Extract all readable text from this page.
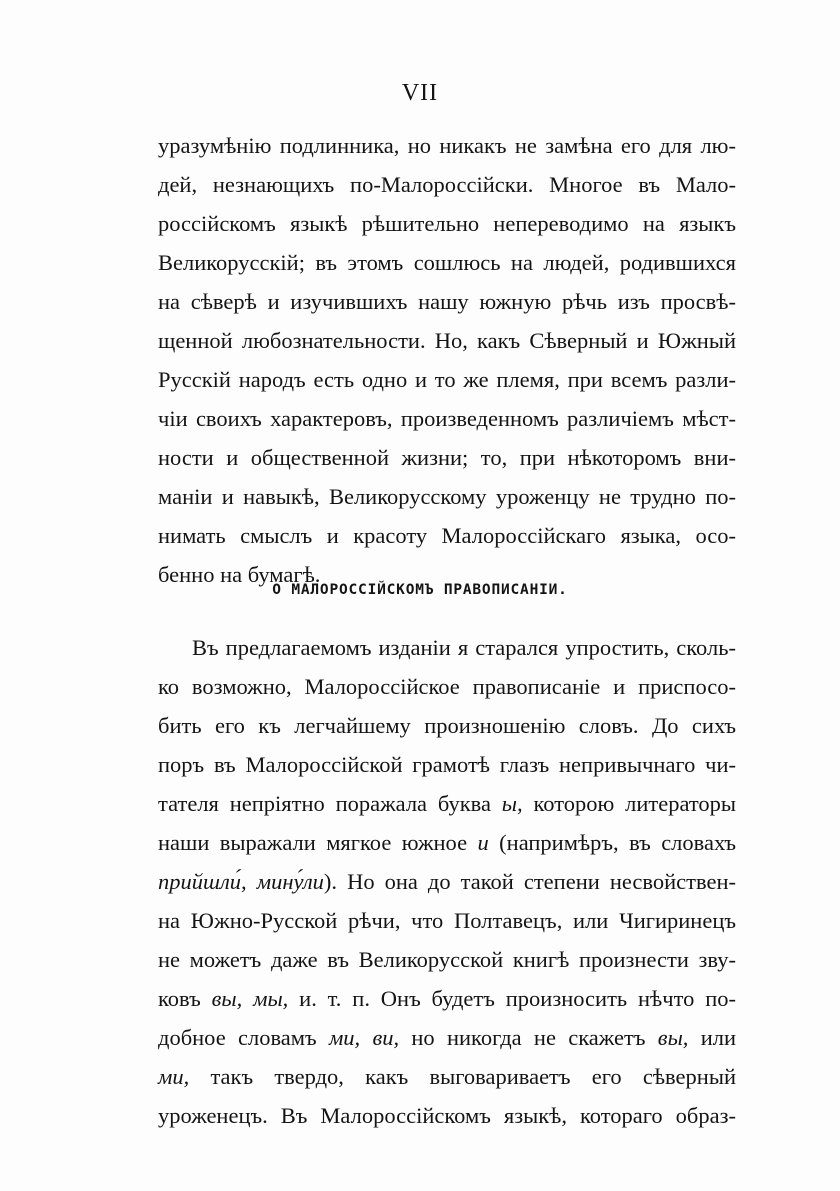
VII
уразумѣнію подлинника, но никакъ не замѣна его для лю-
дей, незнающихъ по-Малороссійски. Многое въ Мало-
россійскомъ языкѣ рѣшительно непереводимо на языкъ
Великорусскій; въ этомъ сошлюсь на людей, родившихся
на сѣверѣ и изучившихъ нашу южную рѣчь изъ просвѣ-
щенной любознательности. Но, какъ Сѣверный и Южный
Русскій народъ есть одно и то же племя, при всемъ разли-
чіи своихъ характеровъ, произведенномъ различіемъ мѣст-
ности и общественной жизни; то, при нѣкоторомъ вни-
маніи и навыкѣ, Великорусскому уроженцу не трудно по-
нимать смыслъ и красоту Малороссійскаго языка, осо-
бенно на бумагѣ.
О МАЛОРОССІЙСКОМЪ ПРАВОПИСАНІИ.
Въ предлагаемомъ изданіи я старался упростить, сколь-
ко возможно, Малороссійское правописаніе и приспосо-
бить его къ легчайшему произношенію словъ. До сихъ
поръ въ Малороссійской грамотѣ глазъ непривычнаго чи-
тателя непріятно поражала буква ы, которою литераторы
наши выражали мягкое южное и (напримѣръ, въ словахъ
прийшли́, мину́ли). Но она до такой степени несвойствен-
на Южно-Русской рѣчи, что Полтавецъ, или Чигиринецъ
не можетъ даже въ Великорусской книгѣ произнести зву-
ковъ вы, мы, и. т. п. Онъ будетъ произносить нѣчто по-
добное словамъ ми, ви, но никогда не скажетъ вы, или
ми, такъ твердо, какъ выговариваетъ его сѣверный
уроженецъ. Въ Малороссійскомъ языкѣ, котораго образ-
